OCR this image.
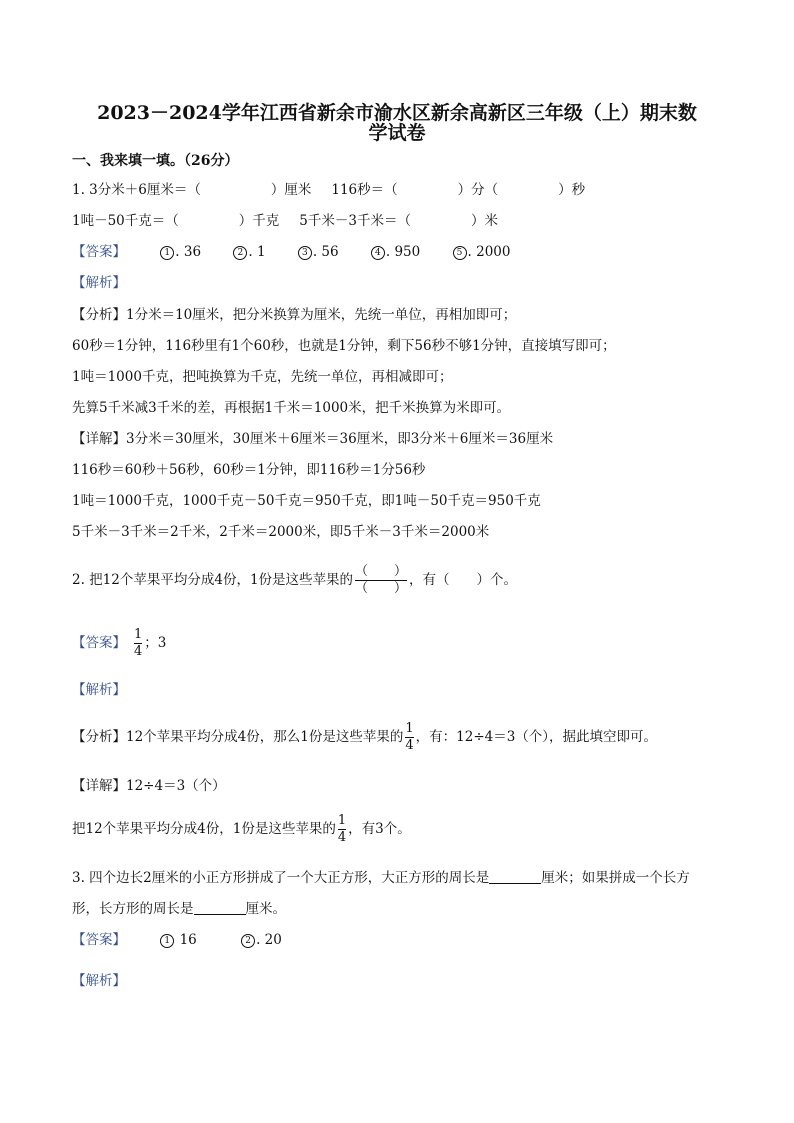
2023－2024学年江西省新余市渝水区新余高新区三年级（上）期末数
学试卷
一、我来填一填。（26分）
1. 3分米＋6厘米＝（	）厘米 116秒＝（	）分（	）秒
1吨－50千克＝（	）千克 5千米－3千米＝（	）米
【答案】	1 . 36	2 . 1	3 . 56	4 . 950	5 . 2000
【解析】
【分析】1分米＝10厘米，把分米换算为厘米，先统一单位，再相加即可；
60秒＝1分钟，116秒里有1个60秒，也就是1分钟，剩下56秒不够1分钟，直接填写即可；
1吨＝1000千克，把吨换算为千克，先统一单位，再相减即可；
先算5千米减3千米的差，再根据1千米＝1000米，把千米换算为米即可。
【详解】3分米＝30厘米，30厘米＋6厘米＝36厘米，即3分米＋6厘米＝36厘米
116秒＝60秒＋56秒，60秒＝1分钟，即116秒＝1分56秒
1吨＝1000千克，1000千克－50千克＝950千克，即1吨－50千克＝950千克
5千米－3千米＝2千米，2千米＝2000米，即5千米－3千米＝2000米
2. 把12个苹果平均分成4份，1份是这些苹果的 $\frac{( )}{( )}$ ，有（　　）个。
【答案】 $\frac{1}{4}$ ；3
【解析】
【分析】12个苹果平均分成4份，那么1份是这些苹果的 $\frac{1}{4}$ ，有：12÷4＝3（个），据此填空即可。
【详解】12÷4＝3（个）
把12个苹果平均分成4份，1份是这些苹果的 $\frac{1}{4}$ ，有3个。
3. 四个边长2厘米的小正方形拼成了一个大正方形，大正方形的周长是	厘米；如果拼成一个长方
形，长方形的周长是	厘米。
【答案】	1 16	2 . 20
【解析】
